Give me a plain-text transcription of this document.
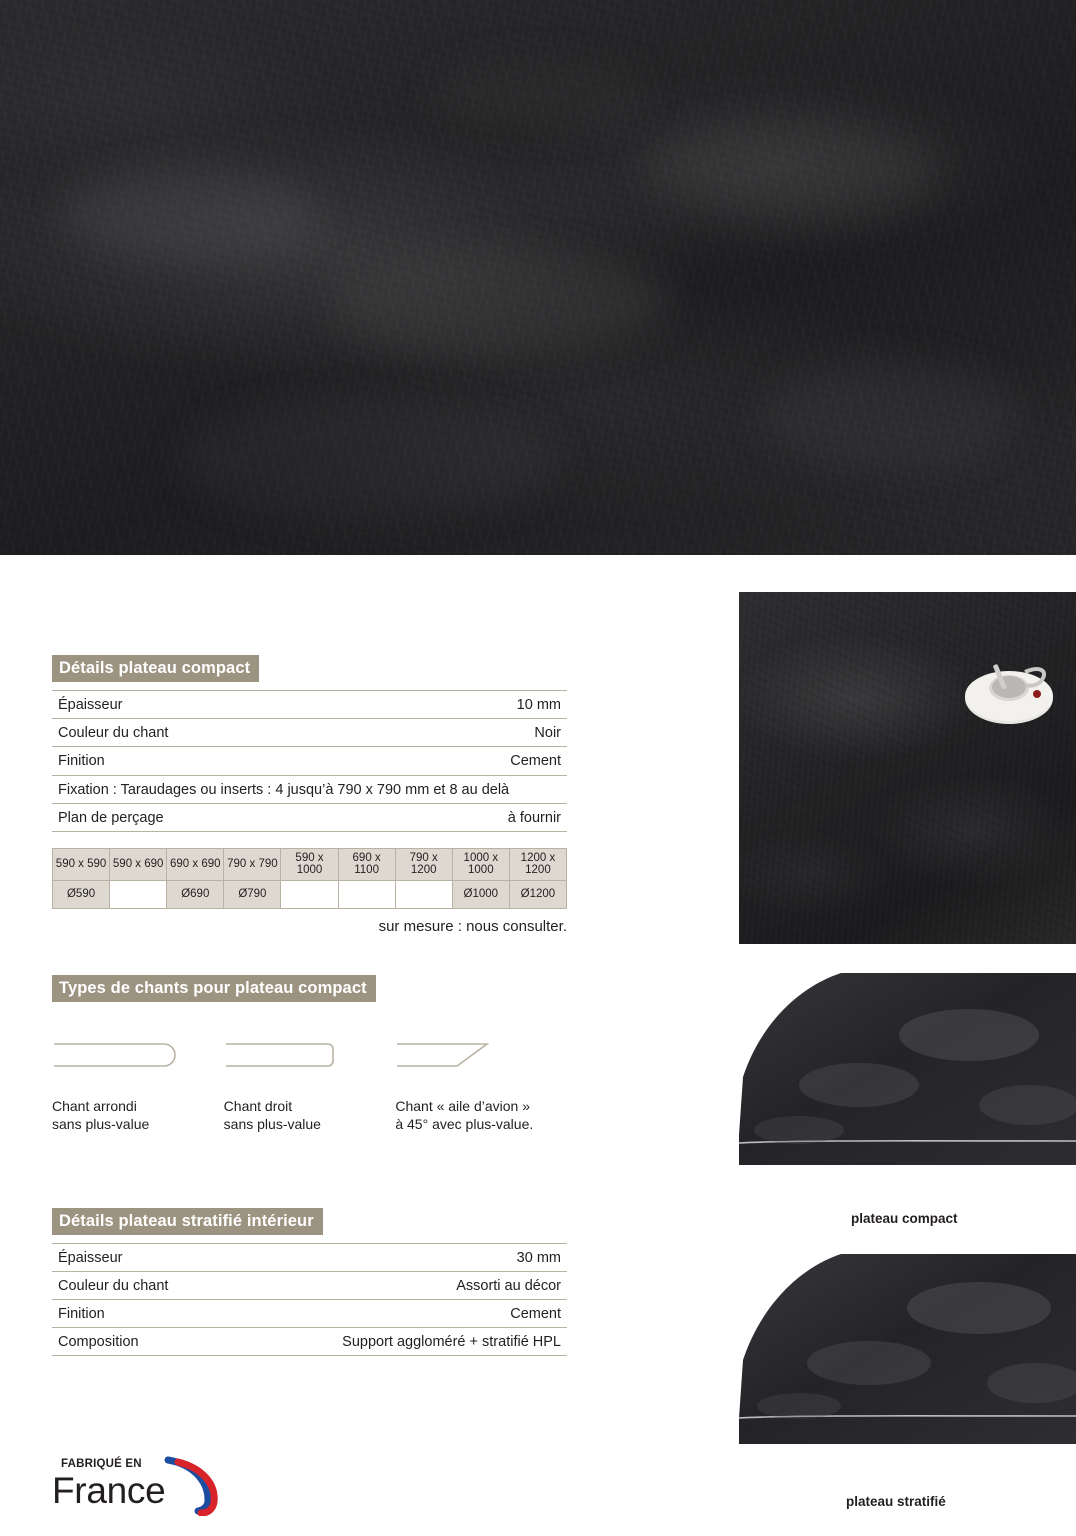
Détails plateau compact
Épaisseur	10 mm
Couleur du chant	Noir
Finition	Cement
Fixation : Taraudages ou inserts : 4 jusqu’à 790 x 790 mm et 8 au delà	
Plan de perçage	à fournir
590 x 590	590 x 690	690 x 690	790 x 790	590 x 1000	690 x 1100	790 x 1200	1000 x 1000	1200 x 1200
Ø590		Ø690	Ø790				Ø1000	Ø1200
sur mesure : nous consulter.
Types de chants pour plateau compact
Chant arrondi
sans plus-value
Chant droit
sans plus-value
Chant « aile d’avion »
à 45° avec plus-value.
Détails plateau stratifié intérieur
Épaisseur	30 mm
Couleur du chant	Assorti au décor
Finition	Cement
Composition	Support aggloméré + stratifié HPL
plateau compact
plateau stratifié
FABRIQUÉ EN
France
